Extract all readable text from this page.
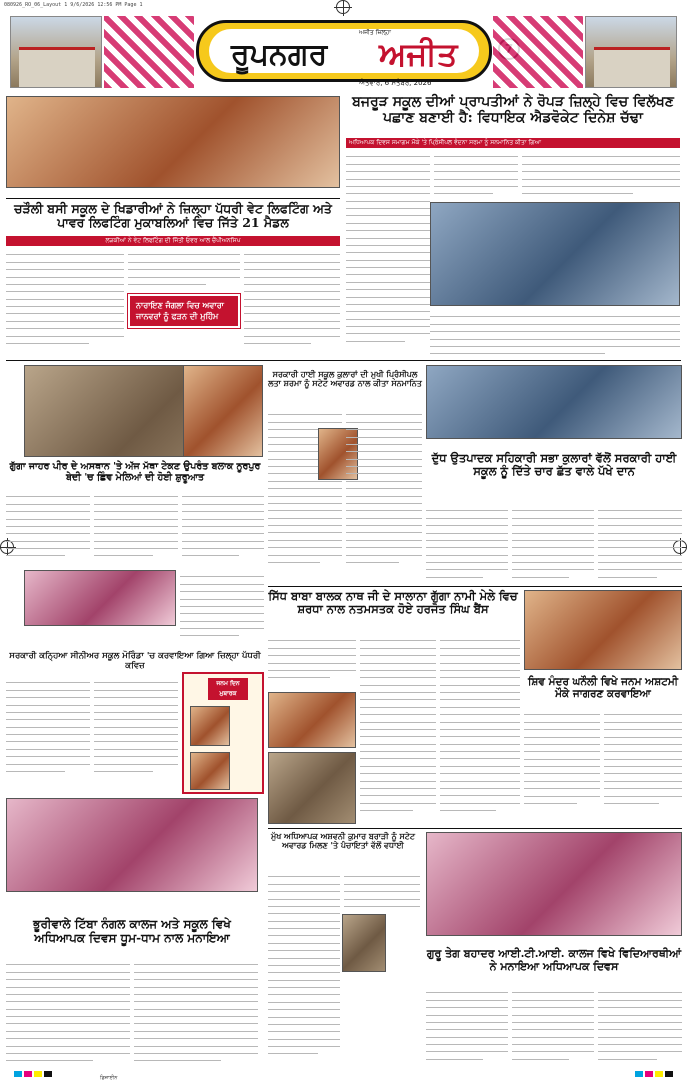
080926_RO_06_Layout 1 9/6/2026 12:56 PM Page 1
ਰੂਪਨਗਰ
ਅਜੀਤ ਜ਼ਿਲ੍ਹਾ
ਅਜੀਤ
ਐਤਵਾਰ, 6 ਸਤੰਬਰ, 2026
ਬਜਰੂੜ ਸਕੂਲ ਦੀਆਂ ਪ੍ਰਾਪਤੀਆਂ ਨੇ ਰੋਪੜ ਜ਼ਿਲ੍ਹੇ ਵਿਚ ਵਿਲੱਖਣ ਪਛਾਣ ਬਣਾਈ ਹੈ: ਵਿਧਾਇਕ ਐਡਵੋਕੇਟ ਦਿਨੇਸ਼ ਚੱਢਾ
ਅਧਿਆਪਕ ਦਿਵਸ ਸਮਾਗਮ ਮੌਕੇ 'ਤੇ ਪ੍ਰਿੰਸੀਪਲ ਵੰਦਨਾ ਸਰਮਾ ਨੂੰ ਸਨਮਾਨਿਤ ਕੀਤਾ ਗਿਆ
ਚੜੌਲੀ ਬਸੀ ਸਕੂਲ ਦੇ ਖਿਡਾਰੀਆਂ ਨੇ ਜ਼ਿਲ੍ਹਾ ਪੱਧਰੀ ਵੇਟ ਲਿਫਟਿੰਗ ਅਤੇ ਪਾਵਰ ਲਿਫਟਿੰਗ ਮੁਕਾਬਲਿਆਂ ਵਿਚ ਜਿੱਤੇ 21 ਮੈਡਲ
ਲੜਕੀਆਂ ਨੇ ਵੇਟ ਲਿਫਟਿੰਗ ਦੀ ਜਿੱਤੀ ਓਵਰ ਆਲ ਚੈਂਪੀਅਨਸਿਪ
ਨਾਰਾਇਣ ਜੰਗਲਾ ਵਿਚ ਅਵਾਰਾ ਜਾਨਵਰਾਂ ਨੂੰ ਫੜਨ ਦੀ ਮੁਹਿੰਮ
ਗੁੱਗਾ ਜਾਹਰ ਪੀਰ ਦੇ ਅਸਥਾਨ 'ਤੇ ਅੱਜ ਮੱਥਾ ਟੇਕਣ ਉਪਰੰਤ ਬਲਾਕ ਨੂਰਪੁਰ ਬੇਦੀ 'ਚ ਛਿੰਞ ਮੇਲਿਆਂ ਦੀ ਹੋਈ ਸ਼ੁਰੂਆਤ
ਸਰਕਾਰੀ ਕਨ੍ਹਿਆ ਸੀਨੀਅਰ ਸਕੂਲ ਮੋਰਿੰਡਾ 'ਚ ਕਰਵਾਇਆ ਗਿਆ ਜ਼ਿਲ੍ਹਾ ਪੱਧਰੀ ਕਵਿਜ਼
ਜਨਮ ਦਿਨ ਮੁਬਾਰਕ
ਭੂਰੀਵਾਲੇ ਟਿੱਬਾ ਨੰਗਲ ਕਾਲਜ ਅਤੇ ਸਕੂਲ ਵਿਖੇ ਅਧਿਆਪਕ ਦਿਵਸ ਧੂਮ-ਧਾਮ ਨਾਲ ਮਨਾਇਆ
ਸਰਕਾਰੀ ਹਾਈ ਸਕੂਲ ਕੁਲਾਰਾਂ ਦੀ ਮੁਖੀ ਪ੍ਰਿੰਸੀਪਲ ਲਤਾ ਸ਼ਰਮਾ ਨੂੰ ਸਟੇਟ ਅਵਾਰਡ ਨਾਲ ਕੀਤਾ ਸਨਮਾਨਿਤ
ਦੁੱਧ ਉਤਪਾਦਕ ਸਹਿਕਾਰੀ ਸਭਾ ਕੁਲਾਰਾਂ ਵੱਲੋਂ ਸਰਕਾਰੀ ਹਾਈ ਸਕੂਲ ਨੂੰ ਦਿੱਤੇ ਚਾਰ ਛੱਤ ਵਾਲੇ ਪੱਖੇ ਦਾਨ
ਸਿੱਧ ਬਾਬਾ ਬਾਲਕ ਨਾਥ ਜੀ ਦੇ ਸਾਲਾਨਾ ਗੁੱਗਾ ਨਾਮੀ ਮੇਲੇ ਵਿਚ ਸ਼ਰਧਾ ਨਾਲ ਨਤਮਸਤਕ ਹੋਏ ਹਰਜੋਤ ਸਿੰਘ ਬੈਂਸ
ਸ਼ਿਵ ਮੰਦਰ ਘਨੌਲੀ ਵਿਖੇ ਜਨਮ ਅਸ਼ਟਮੀ ਮੌਕੇ ਜਾਗਰਣ ਕਰਵਾਇਆ
ਮੁੱਖ ਅਧਿਆਪਕ ਅਸ਼ਵਨੀ ਕੁਮਾਰ ਬਰਾੜੀ ਨੂੰ ਸਟੇਟ ਅਵਾਰਡ ਮਿਲਣ 'ਤੇ ਪੰਚਾਇਤਾਂ ਵੱਲੋਂ ਵਧਾਈ
ਗੁਰੂ ਤੇਗ ਬਹਾਦਰ ਆਈ.ਟੀ.ਆਈ. ਕਾਲਜ ਵਿਖੇ ਵਿਦਿਆਰਥੀਆਂ ਨੇ ਮਨਾਇਆ ਅਧਿਆਪਕ ਦਿਵਸ
ਡਿਜ਼ਾਈਨ
